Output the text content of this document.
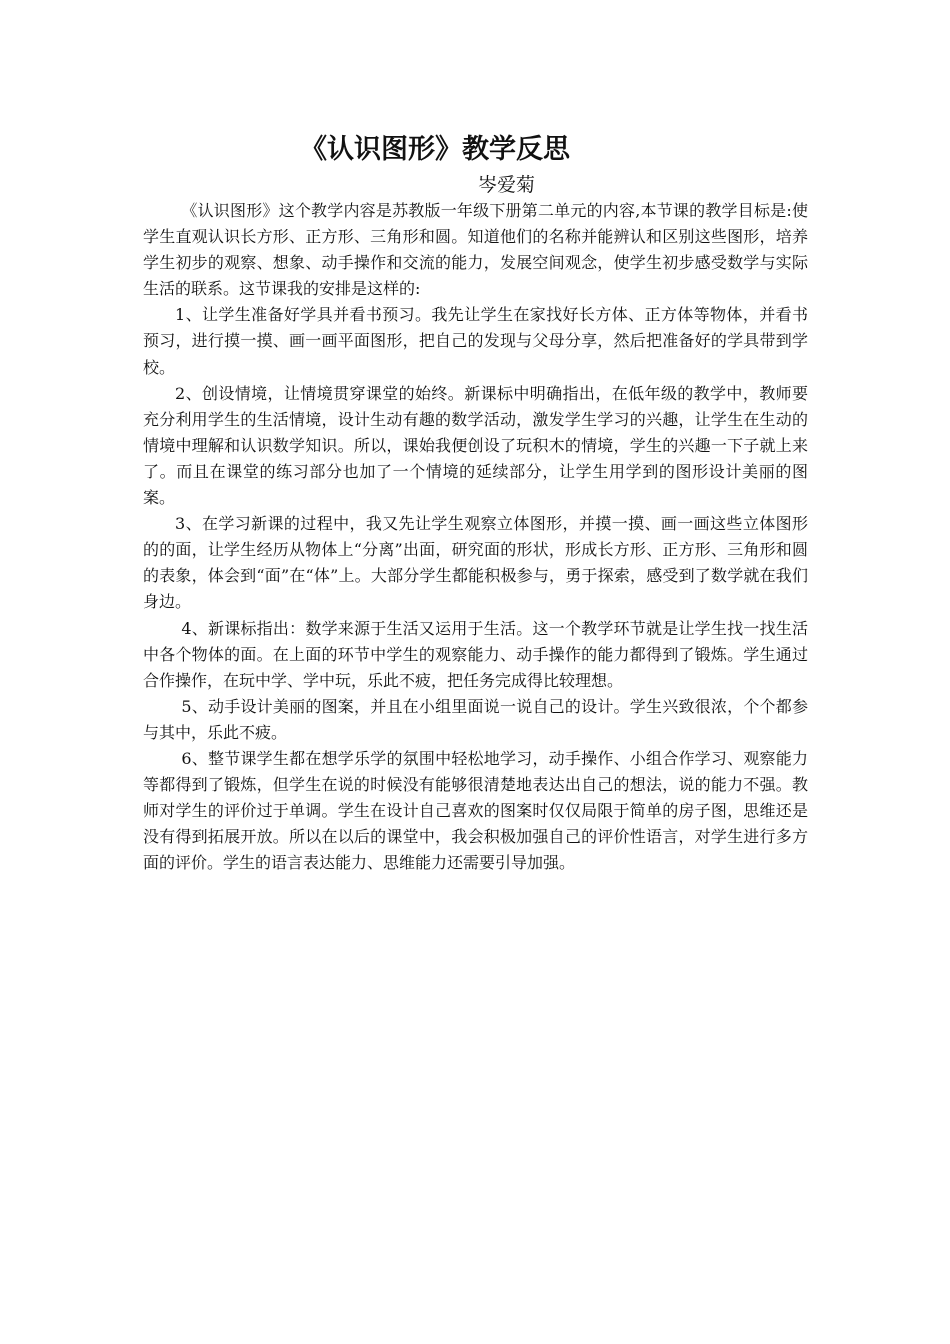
《认识图形》教学反思
岑爱菊

《认识图形》这个教学内容是苏教版一年级下册第二单元的内容,本节课的教学目标是:使学生直观认识长方形、正方形、三角形和圆。知道他们的名称并能辨认和区别这些图形，培养学生初步的观察、想象、动手操作和交流的能力，发展空间观念，使学生初步感受数学与实际生活的联系。这节课我的安排是这样的:

1、让学生准备好学具并看书预习。我先让学生在家找好长方体、正方体等物体，并看书预习，进行摸一摸、画一画平面图形，把自己的发现与父母分享，然后把准备好的学具带到学校。

2、创设情境，让情境贯穿课堂的始终。新课标中明确指出，在低年级的教学中，教师要充分利用学生的生活情境，设计生动有趣的数学活动，激发学生学习的兴趣，让学生在生动的情境中理解和认识数学知识。所以，课始我便创设了玩积木的情境，学生的兴趣一下子就上来了。而且在课堂的练习部分也加了一个情境的延续部分，让学生用学到的图形设计美丽的图案。

3、在学习新课的过程中，我又先让学生观察立体图形，并摸一摸、画一画这些立体图形的的面，让学生经历从物体上“分离”出面，研究面的形状，形成长方形、正方形、三角形和圆的表象，体会到“面”在“体”上。大部分学生都能积极参与，勇于探索，感受到了数学就在我们身边。

4、新课标指出：数学来源于生活又运用于生活。这一个教学环节就是让学生找一找生活中各个物体的面。在上面的环节中学生的观察能力、动手操作的能力都得到了锻炼。学生通过合作操作，在玩中学、学中玩，乐此不疲，把任务完成得比较理想。

5、动手设计美丽的图案，并且在小组里面说一说自己的设计。学生兴致很浓，个个都参与其中，乐此不疲。

6、整节课学生都在想学乐学的氛围中轻松地学习，动手操作、小组合作学习、观察能力等都得到了锻炼，但学生在说的时候没有能够很清楚地表达出自己的想法，说的能力不强。教师对学生的评价过于单调。学生在设计自己喜欢的图案时仅仅局限于简单的房子图，思维还是没有得到拓展开放。所以在以后的课堂中，我会积极加强自己的评价性语言，对学生进行多方面的评价。学生的语言表达能力、思维能力还需要引导加强。
